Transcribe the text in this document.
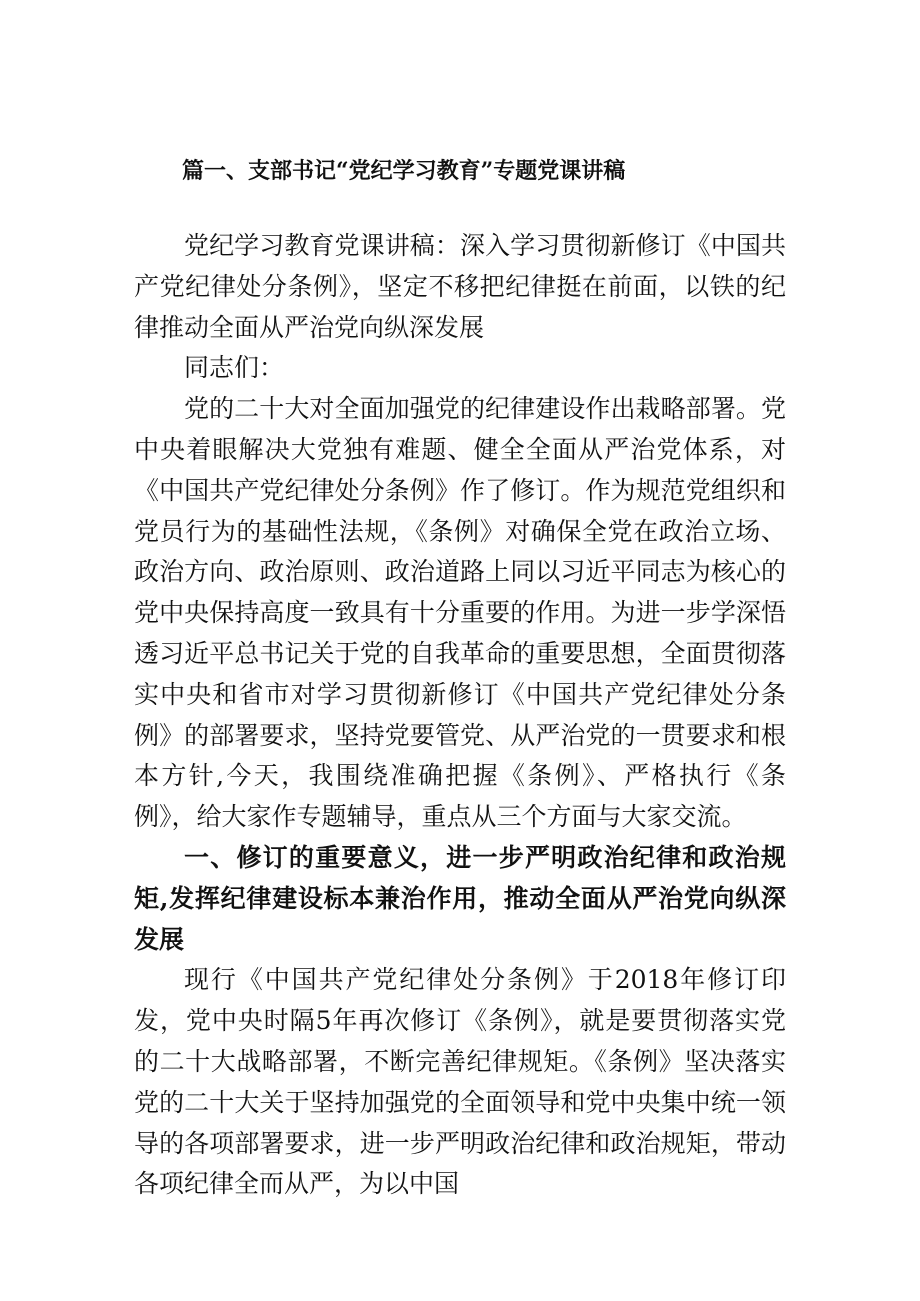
篇一、支部书记“党纪学习教育”专题党课讲稿

党纪学习教育党课讲稿：深入学习贯彻新修订《中国共产党纪律处分条例》，坚定不移把纪律挺在前面，以铁的纪律推动全面从严治党向纵深发展

同志们：

党的二十大对全面加强党的纪律建设作出栽略部署。党中央着眼解决大党独有难题、健全全面从严治党体系，对《中国共产党纪律处分条例》作了修订。作为规范党组织和党员行为的基础性法规，《条例》对确保全党在政治立场、政治方向、政治原则、政治道路上同以习近平同志为核心的党中央保持高度一致具有十分重要的作用。为进一步学深悟透习近平总书记关于党的自我革命的重要思想，全面贯彻落实中央和省市对学习贯彻新修订《中国共产党纪律处分条例》的部署要求，坚持党要管党、从严治党的一贯要求和根本方针,今天，我围绕准确把握《条例》、严格执行《条例》，给大家作专题辅导，重点从三个方面与大家交流。

一、修订的重要意义，进一步严明政治纪律和政治规矩,发挥纪律建设标本兼治作用，推动全面从严治党向纵深发展

现行《中国共产党纪律处分条例》于2018年修订印发，党中央时隔5年再次修订《条例》，就是要贯彻落实党的二十大战略部署，不断完善纪律规矩。《条例》坚决落实党的二十大关于坚持加强党的全面领导和党中央集中统一领导的各项部署要求，进一步严明政治纪律和政治规矩，带动各项纪律全而从严，为以中国
